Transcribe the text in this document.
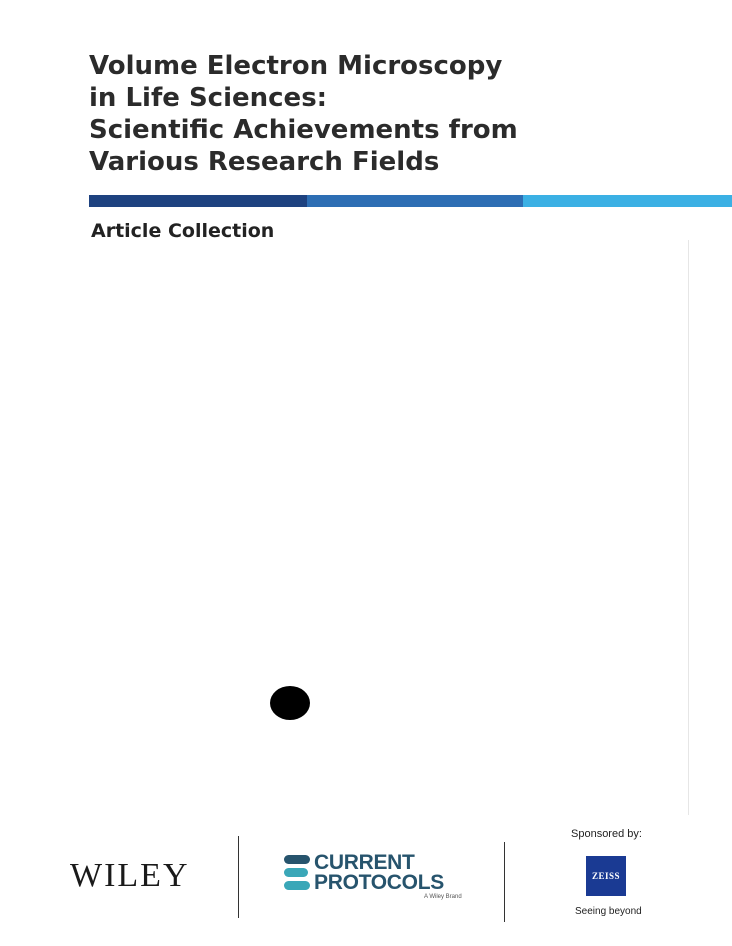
Volume Electron Microscopy
in Life Sciences:
Scientific Achievements from
Various Research Fields
Article Collection
WILEY	CURRENT
PROTOCOLS
A Wiley Brand
Sponsored by:
ZEISS
Seeing beyond
